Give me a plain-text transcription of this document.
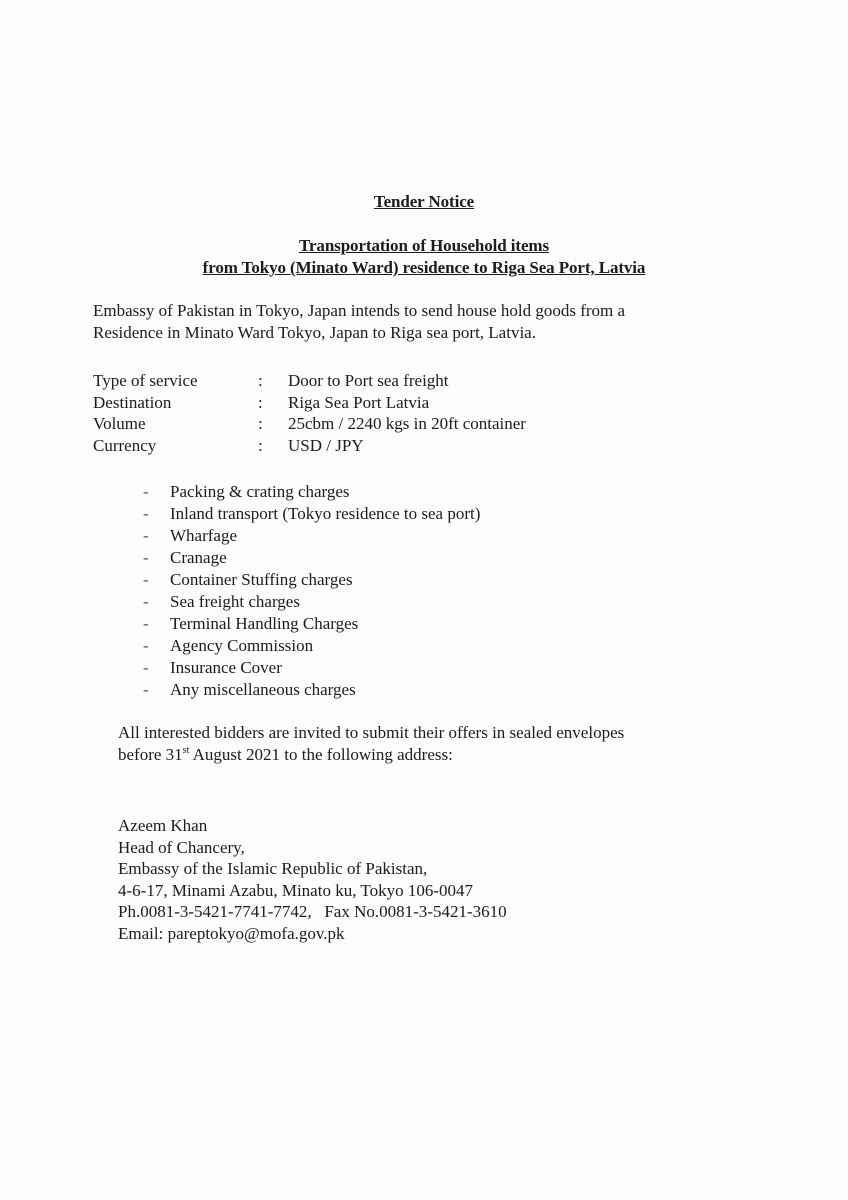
Tender Notice
Transportation of Household items
from Tokyo (Minato Ward) residence to Riga Sea Port, Latvia
Embassy of Pakistan in Tokyo, Japan intends to send house hold goods from a
Residence in Minato Ward Tokyo, Japan to Riga sea port, Latvia.
Type of service	:	Door to Port sea freight
Destination	:	Riga Sea Port Latvia
Volume	:	25cbm / 2240 kgs in 20ft container
Currency	:	USD / JPY
-	Packing & crating charges
-	Inland transport (Tokyo residence to sea port)
-	Wharfage
-	Cranage
-	Container Stuffing charges
-	Sea freight charges
-	Terminal Handling Charges
-	Agency Commission
-	Insurance Cover
-	Any miscellaneous charges
All interested bidders are invited to submit their offers in sealed envelopes
before 31st August 2021 to the following address:
Azeem Khan
Head of Chancery,
Embassy of the Islamic Republic of Pakistan,
4-6-17, Minami Azabu, Minato ku, Tokyo 106-0047
Ph.0081-3-5421-7741-7742,   Fax No.0081-3-5421-3610
Email: pareptokyo@mofa.gov.pk
